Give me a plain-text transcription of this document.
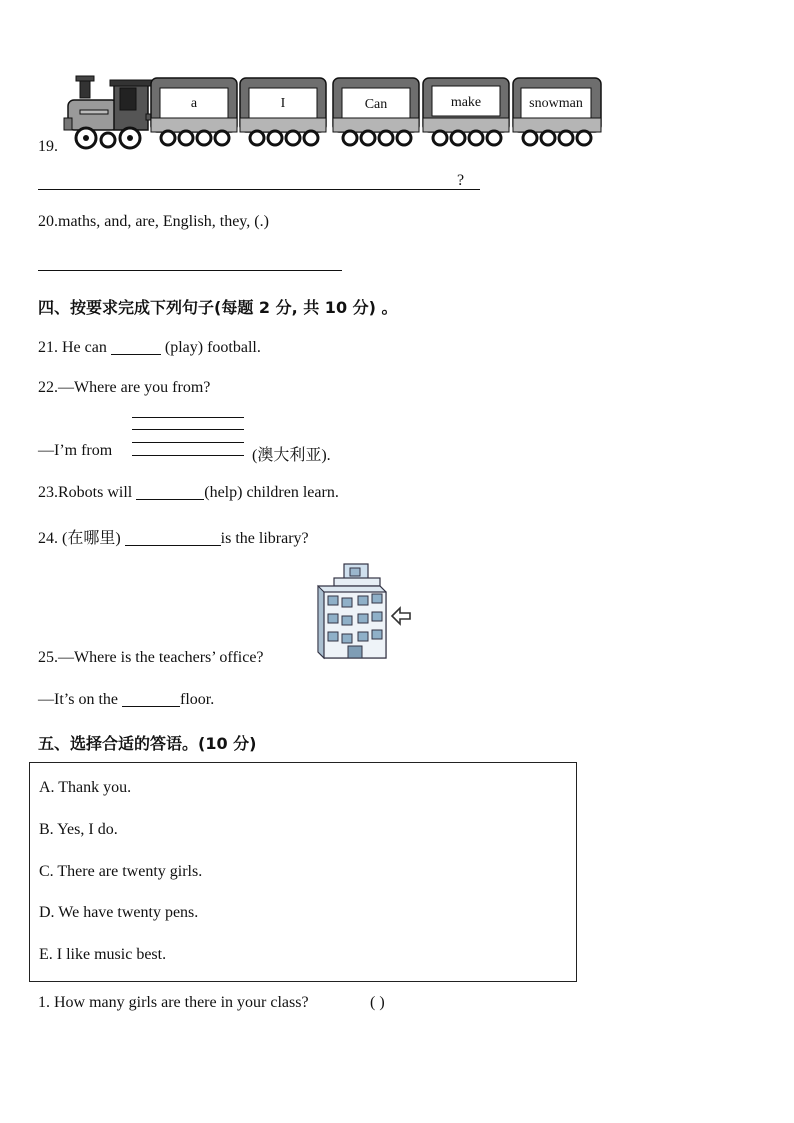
19.
a	I	Can	make	snowman
?
20.maths, and, are, English, they, (.)
四、按要求完成下列句子(每题 2 分, 共 10 分) 。
21. He can	(play) football.
22.—Where are you from?
—I’m from	(澳大利亚).
23.Robots will	(help) children learn.
24. (在哪里)	is the library?
25.—Where is the teachers’ office?
—It’s on the	floor.
五、选择合适的答语。(10 分)
A. Thank you.
B. Yes, I do.
C. There are twenty girls.
D. We have twenty pens.
E. I like music best.
1. How many girls are there in your class?	( )
